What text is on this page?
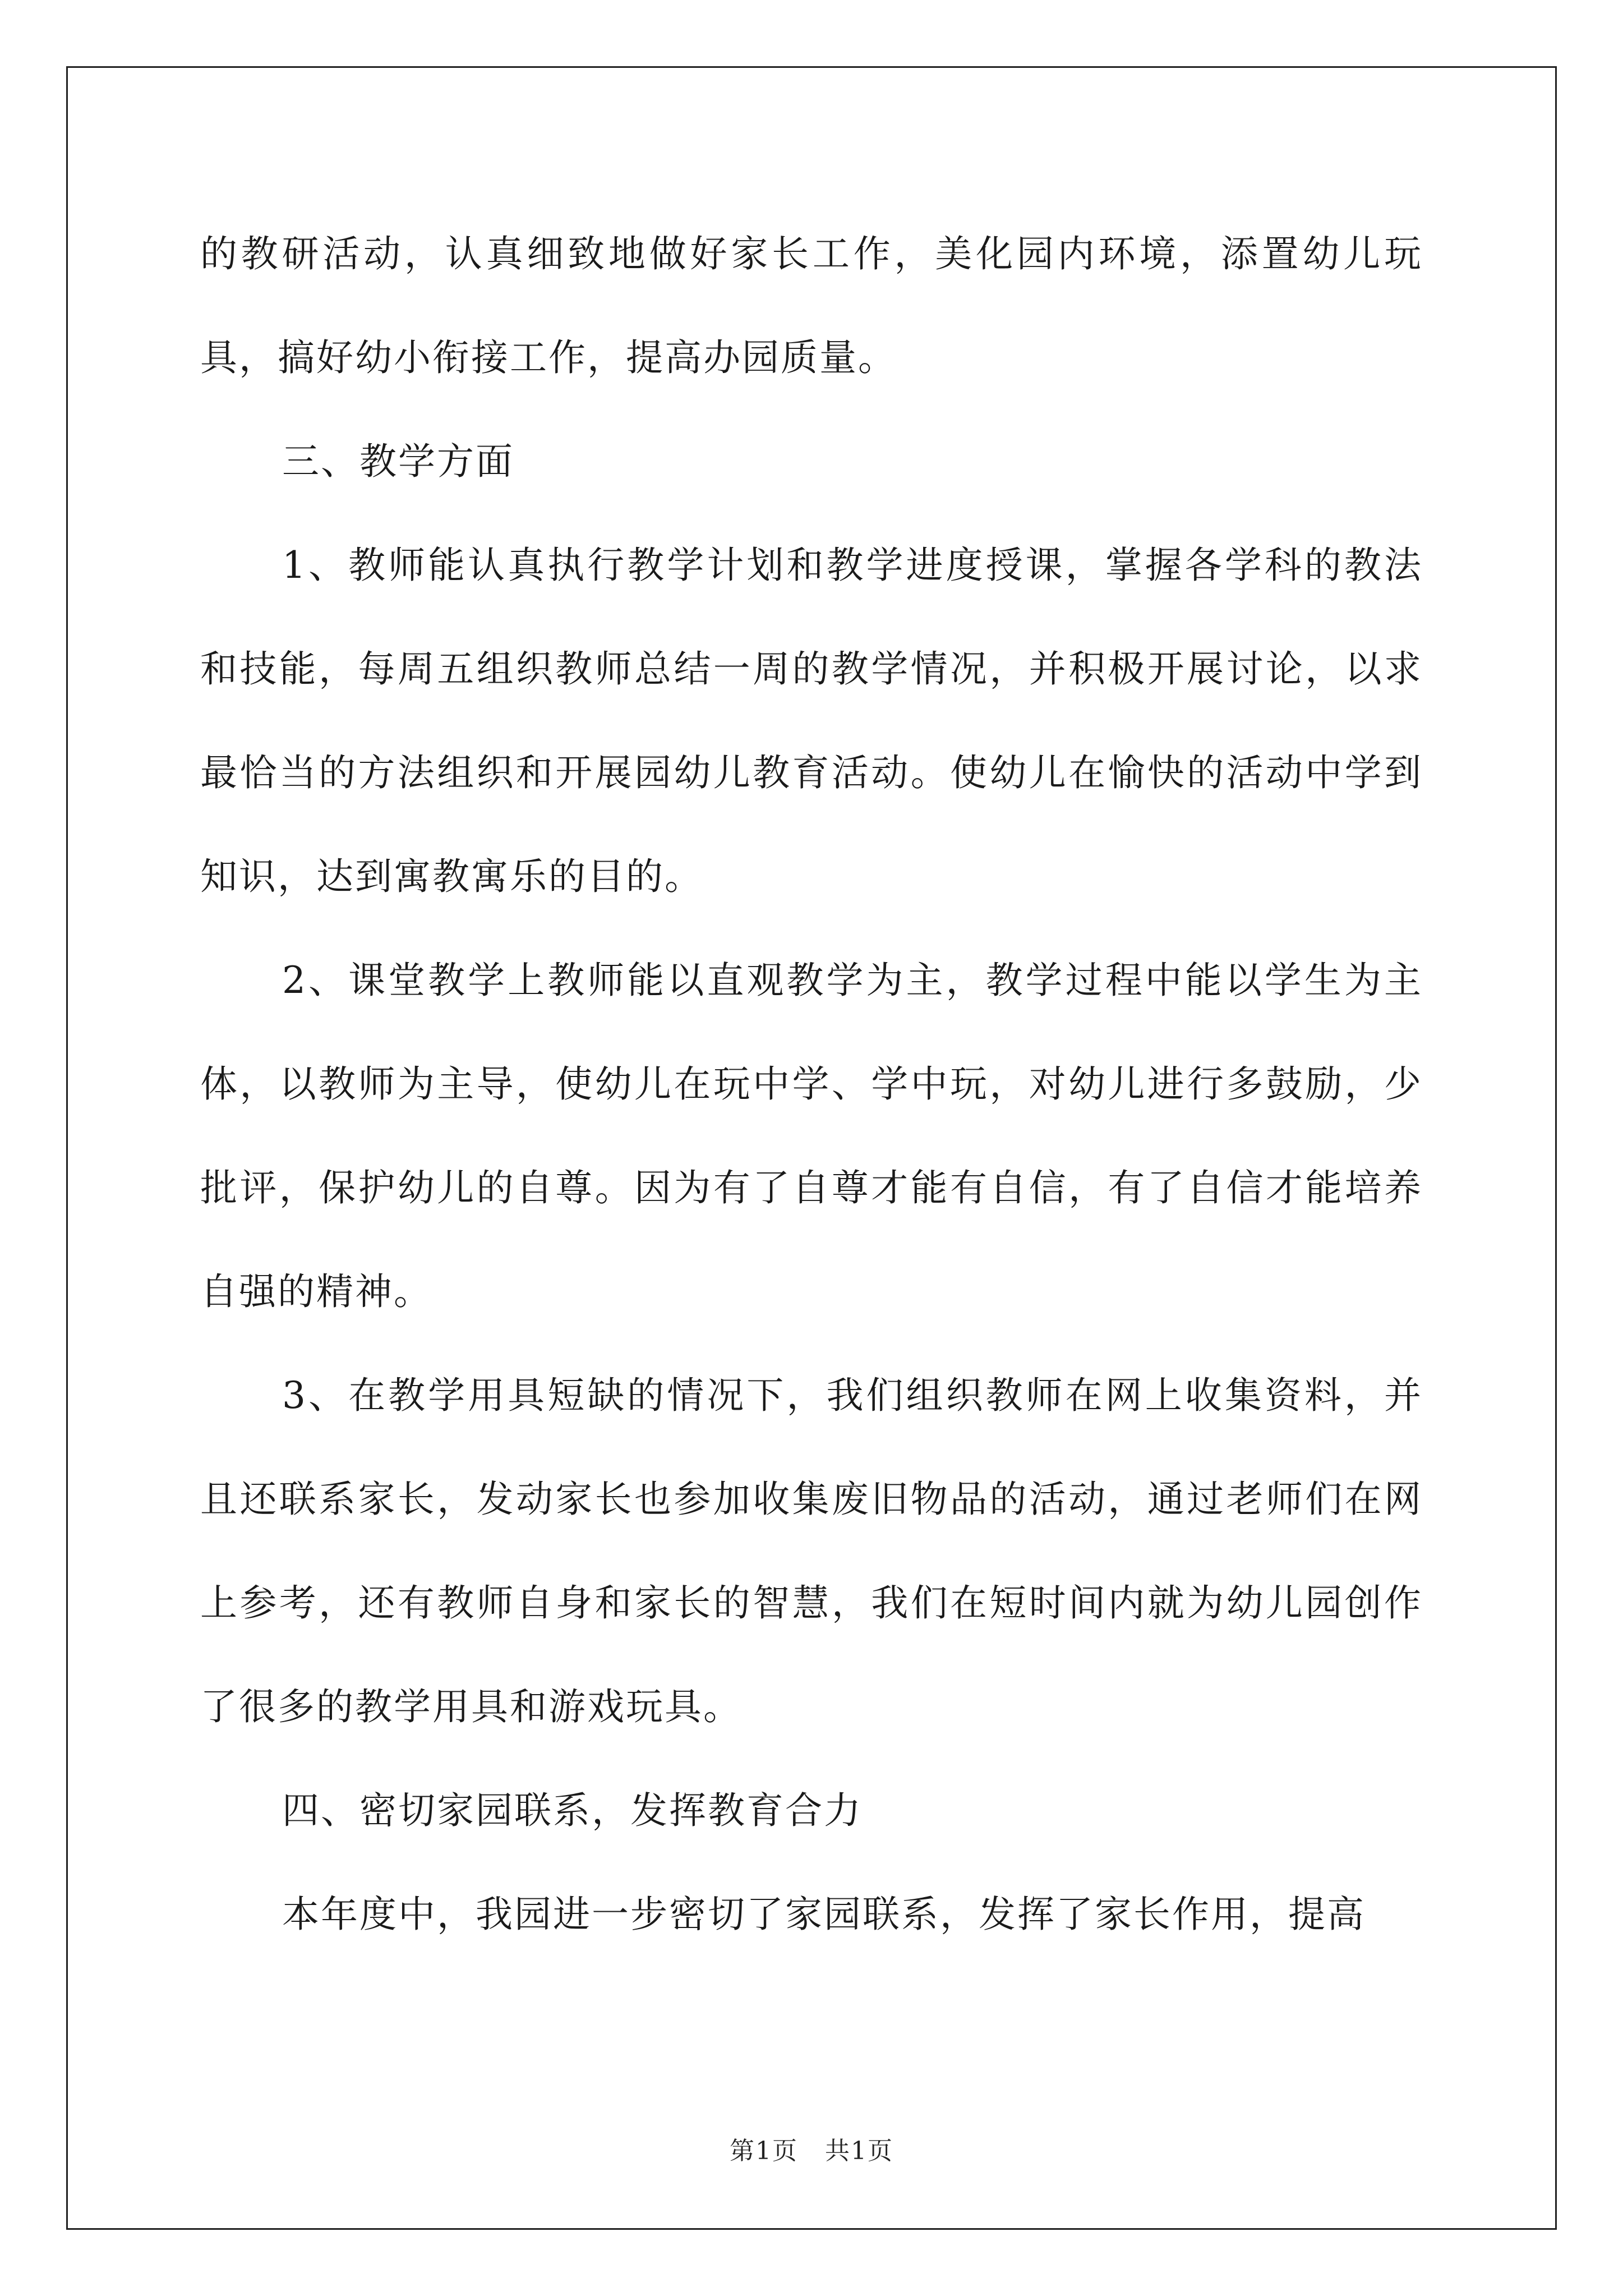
的教研活动，认真细致地做好家长工作，美化园内环境，添置幼儿玩具，搞好幼小衔接工作，提高办园质量。

三、教学方面

1、教师能认真执行教学计划和教学进度授课，掌握各学科的教法和技能，每周五组织教师总结一周的教学情况，并积极开展讨论，以求最恰当的方法组织和开展园幼儿教育活动。使幼儿在愉快的活动中学到知识，达到寓教寓乐的目的。

2、课堂教学上教师能以直观教学为主，教学过程中能以学生为主体，以教师为主导，使幼儿在玩中学、学中玩，对幼儿进行多鼓励，少批评，保护幼儿的自尊。因为有了自尊才能有自信，有了自信才能培养自强的精神。

3、在教学用具短缺的情况下，我们组织教师在网上收集资料，并且还联系家长，发动家长也参加收集废旧物品的活动，通过老师们在网上参考，还有教师自身和家长的智慧，我们在短时间内就为幼儿园创作了很多的教学用具和游戏玩具。

四、密切家园联系，发挥教育合力

本年度中，我园进一步密切了家园联系，发挥了家长作用，提高

第1页 共1页
